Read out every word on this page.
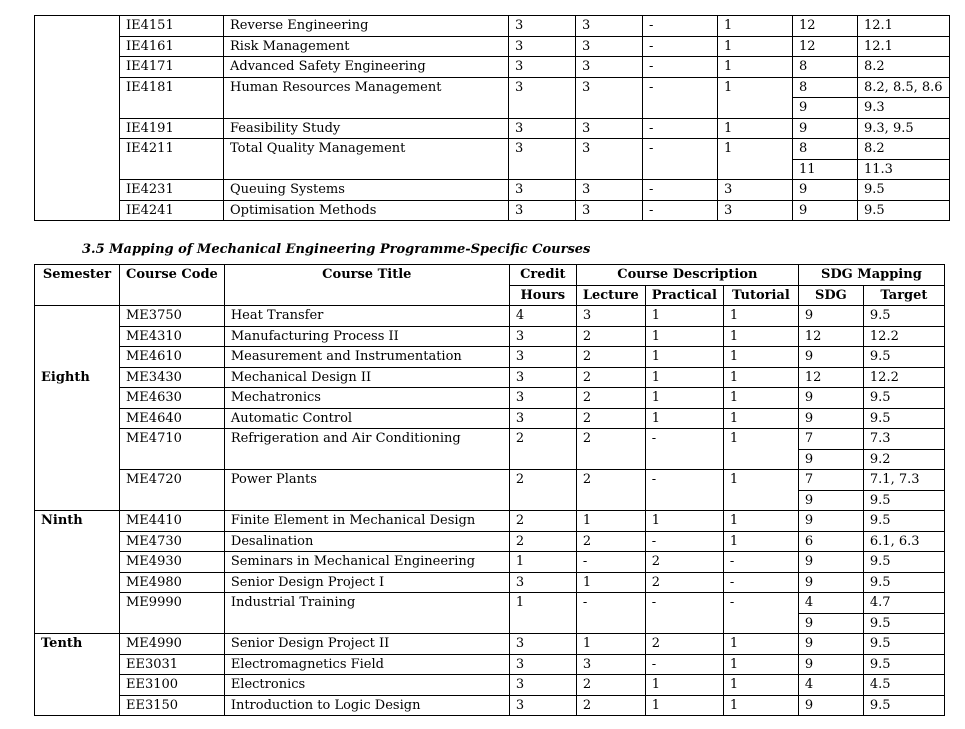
	IE4151	Reverse Engineering	3	3	-	1	12	12.1
	IE4161	Risk Management	3	3	-	1	12	12.1
	IE4171	Advanced Safety Engineering	3	3	-	1	8	8.2
	IE4181	Human Resources Management	3	3	-	1	8	8.2, 8.5, 8.6
							9	9.3
	IE4191	Feasibility Study	3	3	-	1	9	9.3, 9.5
	IE4211	Total Quality Management	3	3	-	1	8	8.2
							11	11.3
	IE4231	Queuing Systems	3	3	-	3	9	9.5
	IE4241	Optimisation Methods	3	3	-	3	9	9.5
3.5 Mapping of Mechanical Engineering Programme-Specific Courses
Semester	Course Code	Course Title	Credit	Course Description			SDG Mapping	
			Hours	Lecture	Practical	Tutorial	SDG	Target
Eighth	ME3750	Heat Transfer	4	3	1	1	9	9.5
	ME4310	Manufacturing Process II	3	2	1	1	12	12.2
	ME4610	Measurement and Instrumentation	3	2	1	1	9	9.5
	ME3430	Mechanical Design II	3	2	1	1	12	12.2
	ME4630	Mechatronics	3	2	1	1	9	9.5
	ME4640	Automatic Control	3	2	1	1	9	9.5
	ME4710	Refrigeration and Air Conditioning	2	2	-	1	7	7.3
							9	9.2
	ME4720	Power Plants	2	2	-	1	7	7.1, 7.3
							9	9.5
Ninth	ME4410	Finite Element in Mechanical Design	2	1	1	1	9	9.5
	ME4730	Desalination	2	2	-	1	6	6.1, 6.3
	ME4930	Seminars in Mechanical Engineering	1	-	2	-	9	9.5
	ME4980	Senior Design Project I	3	1	2	-	9	9.5
	ME9990	Industrial Training	1	-	-	-	4	4.7
							9	9.5
Tenth	ME4990	Senior Design Project II	3	1	2	1	9	9.5
	EE3031	Electromagnetics Field	3	3	-	1	9	9.5
	EE3100	Electronics	3	2	1	1	4	4.5
	EE3150	Introduction to Logic Design	3	2	1	1	9	9.5
